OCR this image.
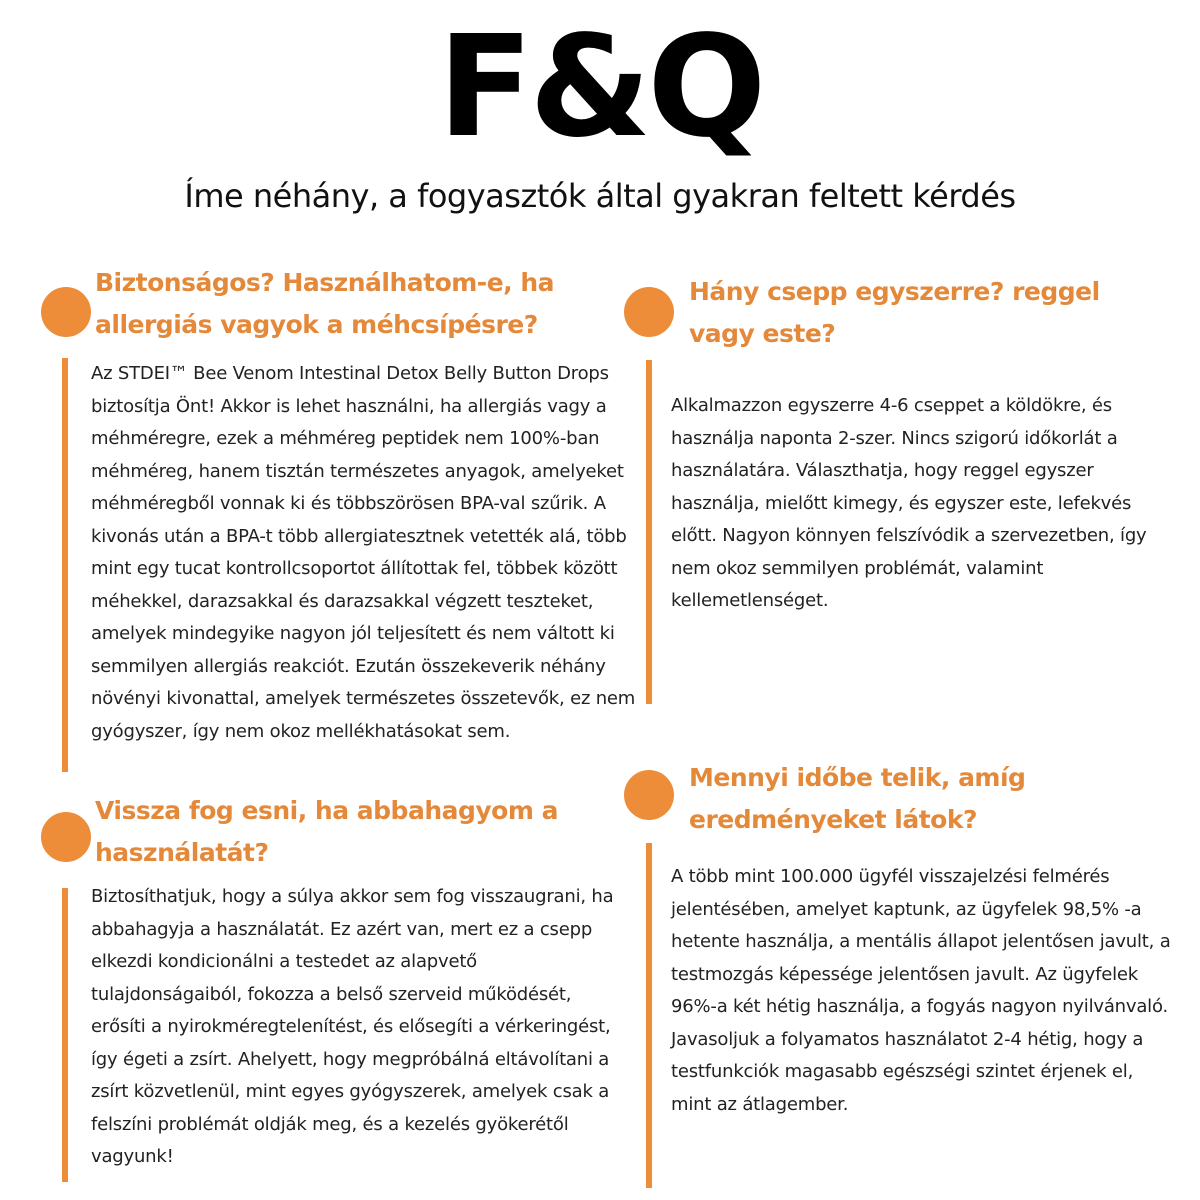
F&Q
Íme néhány, a fogyasztók által gyakran feltett kérdés
Biztonságos? Használhatom-e, ha allergiás vagyok a méhcsípésre?
Az STDEI™ Bee Venom Intestinal Detox Belly Button Drops biztosítja Önt! Akkor is lehet használni, ha allergiás vagy a méhméregre, ezek a méhméreg peptidek nem 100%-ban méhméreg, hanem tisztán természetes anyagok, amelyeket méhméregből vonnak ki és többszörösen BPA-val szűrik. A kivonás után a BPA-t több allergiatesztnek vetették alá, több mint egy tucat kontrollcsoportot állítottak fel, többek között méhekkel, darazsakkal és darazsakkal végzett teszteket, amelyek mindegyike nagyon jól teljesített és nem váltott ki semmilyen allergiás reakciót. Ezután összekeverik néhány növényi kivonattal, amelyek természetes összetevők, ez nem gyógyszer, így nem okoz mellékhatásokat sem.
Hány csepp egyszerre? reggel vagy este?
Alkalmazzon egyszerre 4-6 cseppet a köldökre, és használja naponta 2-szer. Nincs szigorú időkorlát a használatára. Választhatja, hogy reggel egyszer használja, mielőtt kimegy, és egyszer este, lefekvés előtt. Nagyon könnyen felszívódik a szervezetben, így nem okoz semmilyen problémát, valamint kellemetlenséget.
Vissza fog esni, ha abbahagyom a használatát?
Biztosíthatjuk, hogy a súlya akkor sem fog visszaugrani, ha abbahagyja a használatát. Ez azért van, mert ez a csepp elkezdi kondicionálni a testedet az alapvető tulajdonságaiból, fokozza a belső szerveid működését, erősíti a nyirokméregtelenítést, és elősegíti a vérkeringést, így égeti a zsírt. Ahelyett, hogy megpróbálná eltávolítani a zsírt közvetlenül, mint egyes gyógyszerek, amelyek csak a felszíni problémát oldják meg, és a kezelés gyökerétől vagyunk!
Mennyi időbe telik, amíg eredményeket látok?
A több mint 100.000 ügyfél visszajelzési felmérés jelentésében, amelyet kaptunk, az ügyfelek 98,5% -a hetente használja, a mentális állapot jelentősen javult, a testmozgás képessége jelentősen javult. Az ügyfelek 96%-a két hétig használja, a fogyás nagyon nyilvánvaló. Javasoljuk a folyamatos használatot 2-4 hétig, hogy a testfunkciók magasabb egészségi szintet érjenek el, mint az átlagember.
